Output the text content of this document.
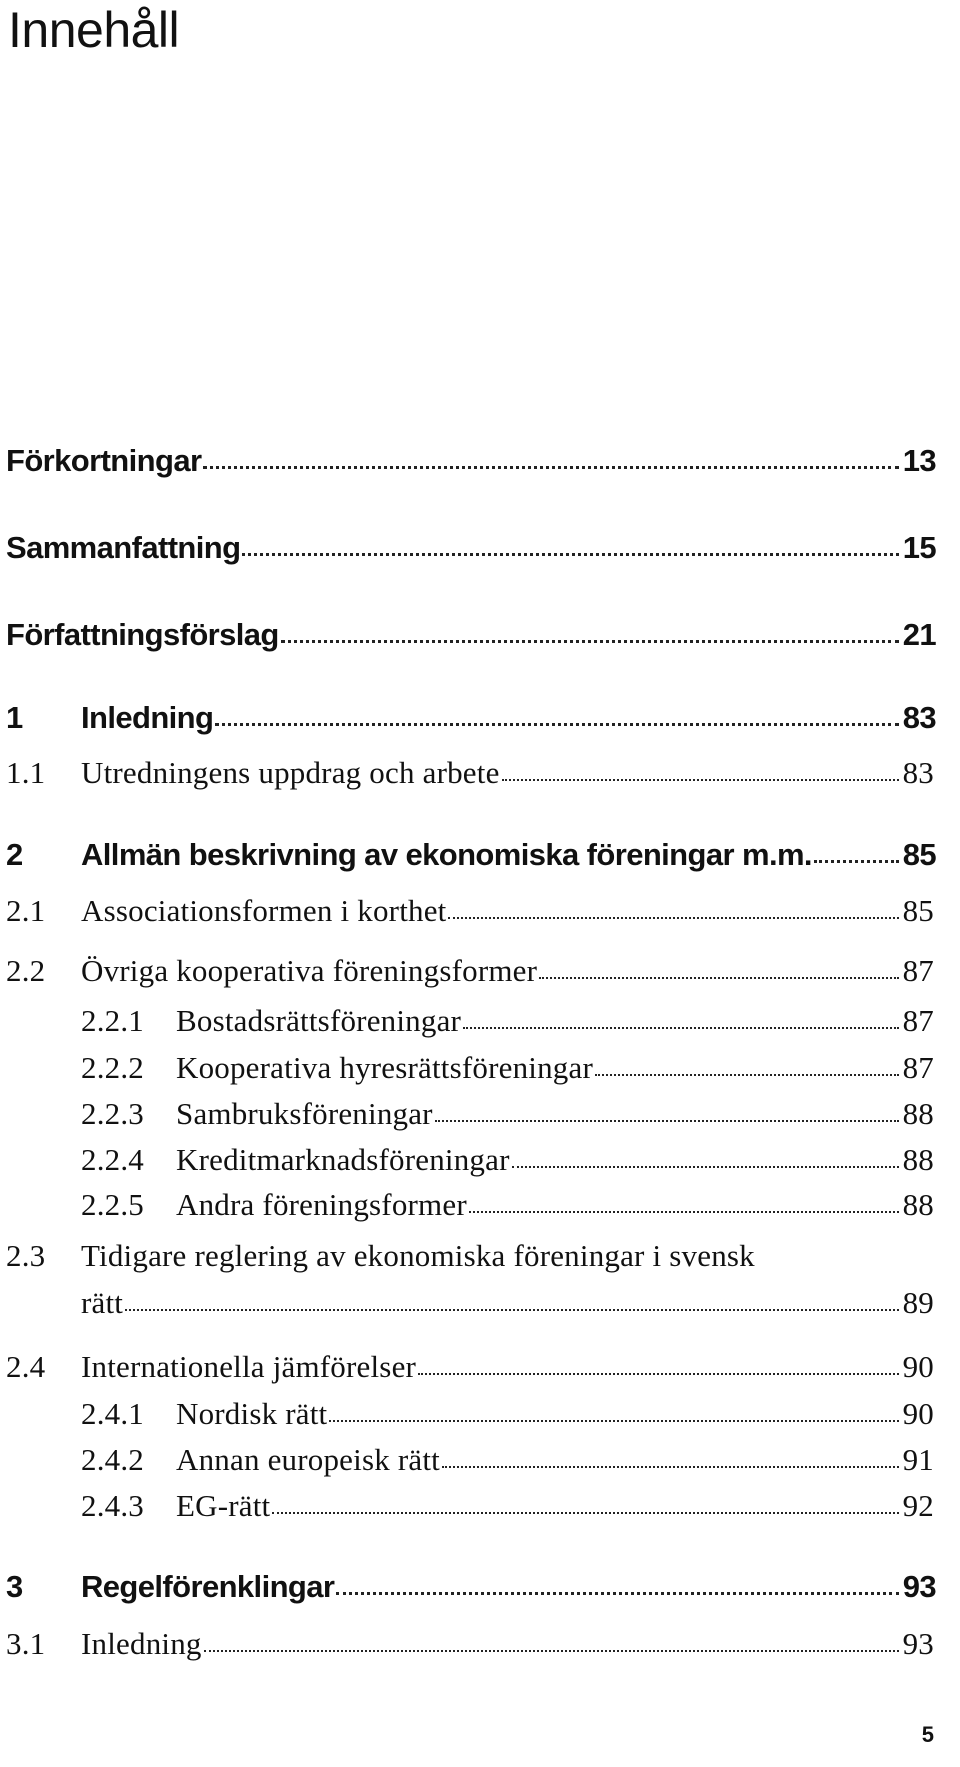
Innehåll
Förkortningar	13
Sammanfattning	15
Författningsförslag	21
1	Inledning	83
1.1	Utredningens uppdrag och arbete	83
2	Allmän beskrivning av ekonomiska föreningar m.m.	85
2.1	Associationsformen i korthet	85
2.2	Övriga kooperativa föreningsformer	87
2.2.1	Bostadsrättsföreningar	87
2.2.2	Kooperativa hyresrättsföreningar	87
2.2.3	Sambruksföreningar	88
2.2.4	Kreditmarknadsföreningar	88
2.2.5	Andra föreningsformer	88
2.3 Tidigare reglering av ekonomiska föreningar i svensk
rätt	89
2.4	Internationella jämförelser	90
2.4.1	Nordisk rätt	90
2.4.2	Annan europeisk rätt	91
2.4.3	EG-rätt	92
3	Regelförenklingar	93
3.1	Inledning	93
5
